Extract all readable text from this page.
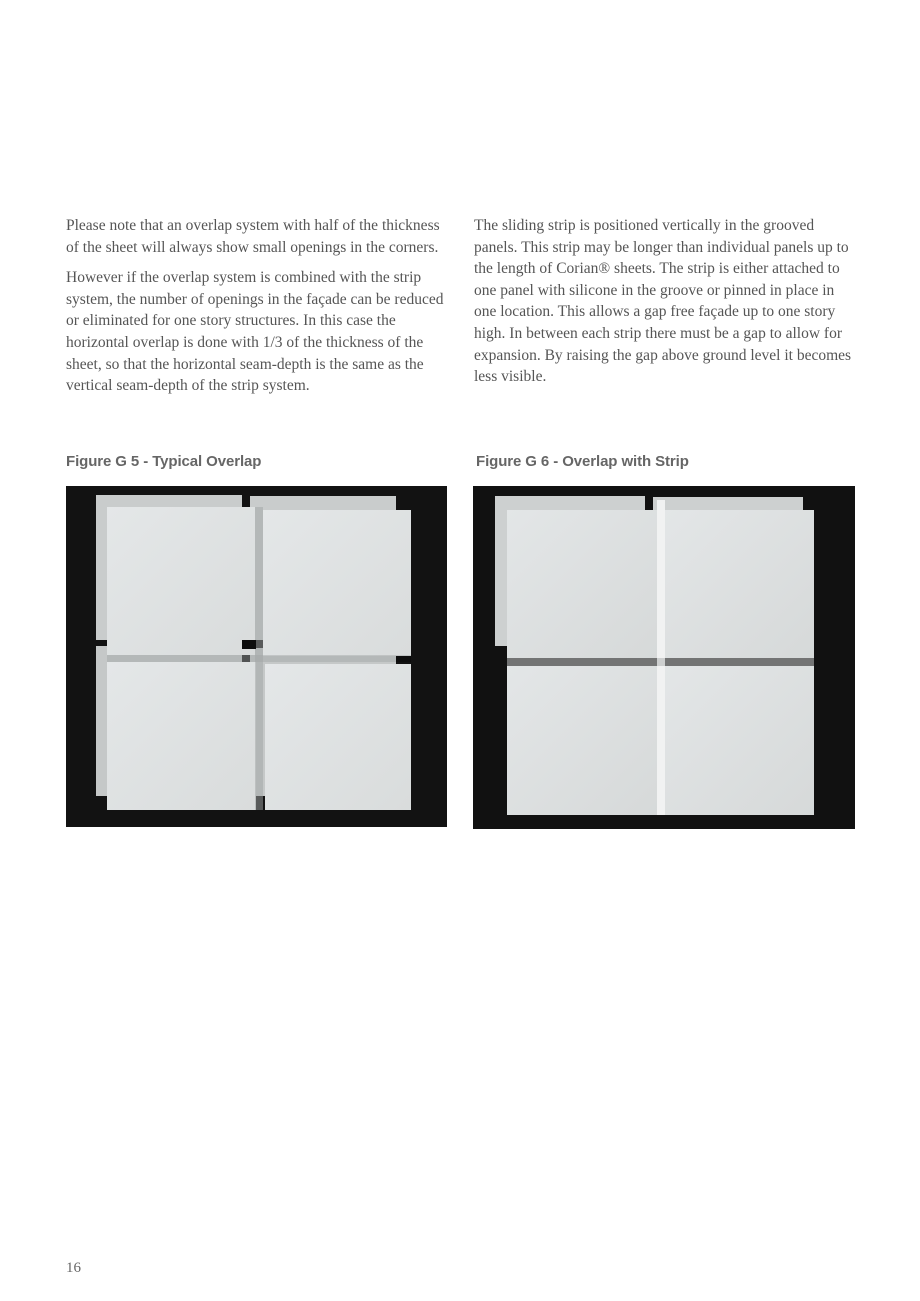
Please note that an overlap system with half of the thickness of the sheet will always show small openings in the corners.

However if the overlap system is combined with the strip system, the number of openings in the façade can be reduced or eliminated for one story structures. In this case the horizontal overlap is done with 1/3 of the thickness of the sheet, so that the horizontal seam-depth is the same as the vertical seam-depth of the strip system.

The sliding strip is positioned vertically in the grooved panels. This strip may be longer than individual panels up to the length of Corian® sheets. The strip is either attached to one panel with silicone in the groove or pinned in place in one location. This allows a gap free façade up to one story high. In between each strip there must be a gap to allow for expansion. By raising the gap above ground level it becomes less visible.

Figure G 5 - Typical Overlap	Figure G 6 - Overlap with Strip
16
